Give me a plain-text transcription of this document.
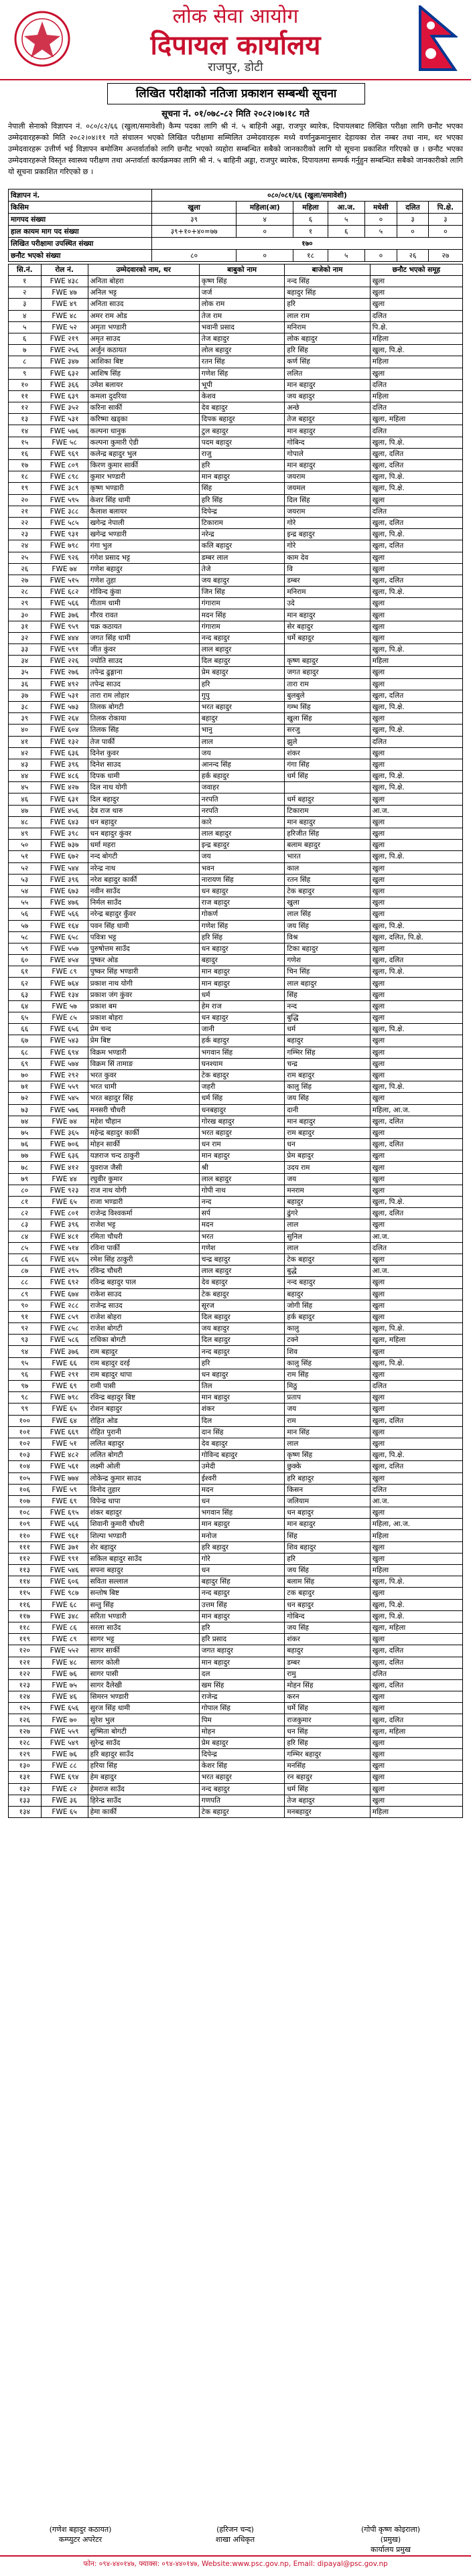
लोक सेवा आयोग
दिपायल कार्यालय
राजपुर, डोटी
लिखित परीक्षाको नतिजा प्रकाशन सम्बन्धी सूचना
सूचना नं. ०१/०७८-८२ मिति २०८२।०७।१८ गते
नेपाली सेनाको विज्ञापन नं. ०८०/८२/६६ (खुला/समावेशी) कैम्प पदका लागि श्री नं. ५ बाहिनी अड्डा, राजपुर ब्यारेक, दिपायलबाट लिखित परीक्षा लागि छनौट भएका उम्मेदवारहरूको मिति २०८२।०४।११ गते संचालन भएको लिखित परीक्षामा सम्मिलित उम्मेदवारहरू मध्ये वर्णानुक्रमानुसार देहायका रोल नम्बर तथा नाम, थर भएका उम्मेदवारहरू उत्तीर्ण भई विज्ञापन बमोजिम अन्तर्वार्ताको लागि छनौट भएको व्यहोरा सम्बन्धित सबैको जानकारीको लागि यो सूचना प्रकाशित गरिएको छ । छनौट भएका उम्मेदवारहरूले विस्तृत स्वास्थ्य परीक्षण तथा अन्तर्वार्ता कार्यक्रमका लागि श्री नं. ५ बाहिनी अड्डा, राजपुर ब्यारेक, दिपायलमा सम्पर्क गर्नुहुन सम्बन्धित सबैको जानकारीको लागि यो सूचना प्रकाशित गरिएको छ ।
विज्ञापन नं.	०८०/०८१/६६ (खुला/समावेशी)						
किसिम	खुला	महिला(आ)	महिला	आ.ज.	मधेसी	दलित	पि.क्षे.
मागपद संख्या	३९	४	६	५	०	३	३
हाल कायम माग पद संख्या	३९+१०+४०=७७	०	१	६	५	०	०
लिखित परीक्षामा उपस्थित संख्या	१७०						
छनौट भएको संख्या	८०	०	१८	५	०	२६	२७
सि.नं.	रोल नं.	उम्मेदवारको नाम, थर	बाबुको नाम	बाजेको नाम	छनौट भएको समूह
१	FWE ४३८	अनिता बोहरा	कृष्ण सिंह	नन्द सिंह	खुला
२	FWE ४७	अनिल भट्ट	जर्ज	बहादुर सिंह	खुला
३	FWE ४९	अनिता साउद	लोक राम	हरि	खुला
४	FWE ४८	अमर राम ओड	तेज राम	लाल राम	दलित
५	FWE ५२	अमृता भण्डारी	भवानी प्रसाद	मनिराम	पि.क्षे.
६	FWE २१९	अमृत साउद	तेज बहादुर	लोक बहादुर	महिला
७	FWE २५६	अर्जुन कठायत	लोल बहादुर	हरि सिंह	खुला, पि.क्षे.
८	FWE ३४७	आशिका बिष्ट	रतन सिंह	कर्ण सिंह	महिला
९	FWE ६३२	आशिष सिंह	गणेश सिंह	ललित	खुला
१०	FWE ३६६	उमेश बलायर	भूपी	मान बहादुर	दलित
११	FWE ६३९	कमला दुदरिया	केशव	जय बहादुर	महिला
१२	FWE ३५२	करिना सार्की	देव बहादुर	अन्छे	दलित
१३	FWE ५३१	करिष्मा खड्का	दिपक बहादुर	तेज बहादुर	खुला, महिला
१४	FWE ५७६	कल्पना धानुक	टुल बहादुर	मान बहादुर	दलित
१५	FWE ५८	कल्पना कुमारी ऐडी	पदम बहादुर	गोबिन्द	खुला, पि.क्षे.
१६	FWE ९६९	कलेन्द्र बहादुर भुल	राजु	गोपाले	खुला, दलित
१७	FWE ८०९	किरण कुमार सार्की	हरि	मान बहादुर	खुला, दलित
१८	FWE ८९८	कुमार भण्डारी	मान बहादुर	जयराम	खुला, पि.क्षे.
१९	FWE ३८९	कृष्ण भण्डारी	सिंह	जयमल	खुला, पि.क्षे.
२०	FWE ५९५	केशर सिंह धामी	हरि सिंह	दिल सिंह	खुला
२१	FWE ३८८	कैलाश बलायर	दिपेन्द्र	जयराम	दलित
२२	FWE ५८५	खगेन्द्र नेपाली	टिकाराम	गोरे	खुला, दलित
२३	FWE ९३१	खगेन्द्र भण्डारी	नरेन्द्र	इन्द्र बहादुर	खुला, पि.क्षे.
२४	FWE ७९८	गंगा भुल	कलि बहादुर	गोरे	खुला, दलित
२५	FWE ९२६	गंगेश प्रसाद भट्ट	डम्बर लाल	काम देव	खुला
२६	FWE ७४	गणेश बहादुर	तेजे	वि	खुला
२७	FWE ५१५	गणेश तुहा	जय बहादुर	डम्बर	खुला, दलित
२८	FWE ६८२	गोविन्द कुंवा	जिन सिंह	मनिराम	खुला, पि.क्षे.
२९	FWE ५६६	गीताम धामी	गंगाराम	उदे	खुला
३०	FWE ३७६	गौरव रावत	मदन सिंह	मान बहादुर	खुला
३१	FWE ९५९	चक्र कठायत	गंगाराम	सेर बहादुर	खुला
३२	FWE ४४४	जगत सिंह धामी	नन्द बहादुर	धर्मे बहादुर	खुला
३३	FWE ५९१	जीत कुंवर	लाल बहादुर		खुला, पि.क्षे.
३४	FWE २२६	ज्योति साउद	दिल बहादुर	कृष्ण बहादुर	महिला
३५	FWE २७६	तपेन्द्र ढुङ्गाना	प्रेम बहादुर	जगत बहादुर	खुला
३६	FWE ४९२	तपेन्द्र साउद	हरि	तारा राम	खुला
३७	FWE ५३१	तारा राम लोहार	गुपु	बुलबुले	खुला, दलित
३८	FWE ५७३	तिलक बोगटी	भरत बहादुर	गम्भ सिंह	खुला, पि.क्षे.
३९	FWE २६४	तिलक रोकाया	बहादुर	खुला सिंह	खुला
४०	FWE ६०४	तिलक सिंह	भानु	सरजु	खुला, पि.क्षे.
४१	FWE १३२	तेज पार्की	लाल	झुले	दलित
४२	FWE ६३६	दिनेश कुवर	जय	शंकर	खुला
४३	FWE ३९६	दिनेश साउद	आनन्द सिंह	गंगा सिंह	खुला
४४	FWE ४८६	दिपक धामी	हर्क बहादुर	धर्म सिंह	खुला, पि.क्षे.
४५	FWE ४२७	दिल नाथ योगी	जवाहर		खुला, पि.क्षे.
४६	FWE ६३१	दिल बहादुर	नरपति	धर्म बहादुर	खुला
४७	FWE ४५६	देव राज थारु	नरपति	टिकाराम	आ.ज.
४८	FWE ६४३	धन बहादुर	कारे	मान बहादुर	खुला
४९	FWE ३९८	धन बहादुर कुंवर	लाल बहादुर	हरिजीत सिंह	खुला
५०	FWE ७३७	धर्मा महरा	इन्द्र बहादुर	बलाम बहादुर	खुला
५१	FWE ६७२	नन्द बोगटी	जय	भारत	खुला, पि.क्षे.
५२	FWE ५४४	नरेन्द्र नाथ	भवन	काल	खुला
५३	FWE ३९६	नरेश बहादुर कार्की	नारायण सिंह	रतन सिंह	खुला
५४	FWE ६७३	नवीन साउँद	धन बहादुर	टेक बहादुर	खुला
५५	FWE ४७६	निर्मल साउँद	राज बहादुर	खुला	खुला
५६	FWE ५६६	नरेन्द्र बहादुर कुँवर	गोकर्ण	लाल सिंह	खुला
५७	FWE १६४	पवन सिंह धामी	गणेश सिंह	जय सिंह	खुला, पि.क्षे.
५८	FWE ६५८	पवित्रा भट्ट	हरि सिंह	विश्र	खुला, दलित, पि.क्षे.
५९	FWE ५५७	पुरुषोत्तम साउँद	धन बहादुर	टिका बहादुर	खुला
६०	FWE ४५४	पुष्कर ओड	बहादुर	गणेश	खुला, दलित
६१	FWE ८९	पुष्कर सिंह भण्डारी	मान बहादुर	चिन सिंह	खुला, पि.क्षे.
६२	FWE ७६४	प्रकाश नाथ योगी	मान बहादुर	लाल बहादुर	खुला
६३	FWE १३४	प्रकाश जंग कुंवर	धर्म	सिंह	खुला
६४	FWE ५७	प्रकाश बम	हेम राज	नन्द	खुला
६५	FWE ८५	प्रकाश बोहरा	धन बहादुर	बुद्धि	खुला
६६	FWE ६५६	प्रेम चन्द	जानी	धर्म	खुला, पि.क्षे.
६७	FWE ५४३	प्रेम बिष्ट	हर्क बहादुर	बहादुर	खुला
६८	FWE ६९४	विक्रम भण्डारी	भगवान सिंह	गम्भिर सिंह	खुला
६९	FWE ५७४	विक्रम सिं तामाङ	घनश्याम	चन्द्र	खुला
७०	FWE २९२	भरत कुवर	टेक बहादुर	राम बहादुर	खुला
७१	FWE ५५९	भरत धामी	जहरी	कालु सिंह	खुला, पि.क्षे.
७२	FWE ५४५	भरत बहादुर सिंह	धर्म सिंह	जय सिंह	खुला
७३	FWE ५७६	मनसरी चौधरी	धनबहादुर	दानी	महिला, आ.ज.
७४	FWE ७४	महेश चौहान	गोरख बहादुर	मान बहादुर	खुला, दलित
७५	FWE ३६५	महेन्द्र बहादुर कार्की	भरत बहादुर	राम बहादुर	खुला
७६	FWE ७०६	मोहन सार्की	धन राम	धन	खुला, दलित
७७	FWE ६३६	यज्ञराज चन्द ठाकुरी	मान बहादुर	प्रेम बहादुर	खुला
७८	FWE ४१२	युवराज जैसी	श्री	उदय राम	खुला
७९	FWE ४४	रघुवीर कुमार	लाल बहादुर	जय	खुला
८०	FWE ९२३	राज नाथ योगी	गोपी नाथ	मनराम	खुला
८१	FWE ६५	राजा भण्डारी	नन्द	बहादुर	खुला, पि.क्षे.
८२	FWE ८०१	राजेन्द्र विश्वकर्मा	सर्प	ढुंगरे	खुला, दलित
८३	FWE ३९६	राजेश भट्ट	मदन	लाल	खुला
८४	FWE ४८१	रमिता चौधरी	भरत	सुनिल	आ.ज.
८५	FWE ५१४	रविना पार्की	गणेश	लाल	दलित
८६	FWE ४६५	रमेश सिंह ठाकुरी	चन्द्र बहादुर	टेक बहादुर	खुला
८७	FWE २९५	रविन्द्र चौधरी	लाल बहादुर	बुद्धे	आ.ज.
८८	FWE ६९२	रविन्द्र बहादुर पाल	देव बहादुर	नन्द बहादुर	खुला
८९	FWE ६७४	राकेश साउद	टेक बहादुर	बहादुर	खुला
९०	FWE २८८	राजेन्द्र साउद	सूरज	जोगी सिंह	खुला
९१	FWE ८५९	राजेश बोहरा	दिल बहादुर	हर्क बहादुर	खुला
९२	FWE ८५८	राजेश बोगटी	जय बहादुर	कालु	खुला, पि.क्षे.
९३	FWE ५८६	राधिका बोगटी	दिल बहादुर	टक्ने	खुला, महिला
९४	FWE ३७६	राम बहादुर	नन्द बहादुर	शिव	खुला
९५	FWE ६६	राम बहादुर दरई	हरि	कालु सिंह	खुला, पि.क्षे.
९६	FWE २९१	राम बहादुर थापा	धन बहादुर	राम सिंह	खुला
९७	FWE ६९	रामी पासी	तिल	मिठु	दलित
९८	FWE ७९८	रविन्द्र बहादुर बिष्ट	मान बहादुर	प्रताप	खुला
९९	FWE ६५	रोशन बहादुर	शंकर	जय	खुला
१००	FWE ६४	रोहित ओड	दिल	राम	खुला, दलित
१०१	FWE ६६९	रोहित पुरानी	दान सिंह	मान सिंह	खुला
१०२	FWE ५१	ललित बहादुर	देव बहादुर	लाल	खुला
१०३	FWE ४८२	ललित बोगटी	गोविन्द बहादुर	कृष्ण सिंह	खुला, पि.क्षे.
१०४	FWE ५६१	लक्ष्मी ओली	उमेदी	छुक्के	खुला, दलित
१०५	FWE ७७४	लोकेन्द्र कुमार साउद	ईश्वरी	हरि बहादुर	खुला
१०६	FWE ५९	विनोद तुहार	मदन	किसन	दलित
१०७	FWE ६९	विपेन्द्र थापा	धन	जलियाम	आ.ज.
१०८	FWE ६९५	शंकर बहादुर	भगवान सिंह	धन बहादुर	खुला
१०९	FWE ५६६	शिवानी कुमारी चौधरी	मान बहादुर	मान बहादुर	महिला, आ.ज.
११०	FWE ९६१	शिल्पा भण्डारी	मनोज	सिंह	महिला
१११	FWE ३७१	शेर बहादुर	हरि बहादुर	शिव बहादुर	खुला
११२	FWE ९९१	सकिल बहादुर साउँद	गोरे	हरि	खुला
११३	FWE ५४६	सपना बहादुर	धन	जय सिंह	महिला
११४	FWE ६०६	सविता सल्लाल	बहादुर सिंह	बलाम सिंह	खुला, पि.क्षे.
११५	FWE ९८७	सन्तोष बिष्ट	नन्द बहादुर	टक बहादुर	खुला
११६	FWE ६८	सन्तु सिंह	उत्तम सिंह	धन बहादुर	खुला, पि.क्षे.
११७	FWE ३४८	सरिता भण्डारी	मान बहादुर	गोबिन्द	खुला, पि.क्षे.
११८	FWE ८६	सरला साउँद	हरि	जय सिंह	खुला, महिला
११९	FWE ८९	सागर भट्ट	हरि प्रसाद	शंकर	खुला
१२०	FWE ५५२	सागर सार्की	जगत बहादुर	बहादुर	खुला, दलित
१२१	FWE ४८	सागर कोली	मान बहादुर	डम्बर	खुला, दलित
१२२	FWE ७६	सागर पासी	दल	रामु	दलित
१२३	FWE ७५	सागर दैलेखी	खम सिंह	मोहन सिंह	खुला, दलित
१२४	FWE ४६	सिमरन भण्डारी	राजेन्द्र	करन	खुला
१२५	FWE ६५६	सुरज सिंह धामी	गोपाल सिंह	धर्मे सिंह	खुला
१२६	FWE ७०	सुरेश भुल	पिम	राजकुमार	खुला, दलित
१२७	FWE ५५९	सुष्मिता बोगटी	मोहन	धन सिंह	खुला, महिला
१२८	FWE ५४९	सुरेन्द्र साउँद	प्रेम बहादुर	हरि सिंह	खुला
१२९	FWE ७६	हरि बहादुर साउँद	दिपेन्द्र	गम्भिर बहादुर	खुला
१३०	FWE ८८	हरिया सिंह	केशर सिंह	मनसिंह	खुला
१३१	FWE ६९४	हेम बहादुर	भरत बहादुर	रन बहादुर	खुला
१३२	FWE ८२	हेमराज साउँद	नन्द बहादुर	धर्म सिंह	खुला
१३३	FWE ३६	हिरेन्द्र साउँद	गणपति	तेज बहादुर	खुला
१३४	FWE ६५	हेमा कार्की	टेक बहादुर	मनबहादुर	महिला
(गणेश बहादुर कठायत)
कम्प्युटर अपरेटर
(हरिजन चन्द)
शाखा अधिकृत
(गोपी कृष्ण कोइराला)
(प्रमुख)
कार्यालय प्रमुख
फोन: ०९४-४४०१४७, फ्याक्स: ०९४-४४०१४७, Website:www.psc.gov.np, Email: dipayal@psc.gov.np
